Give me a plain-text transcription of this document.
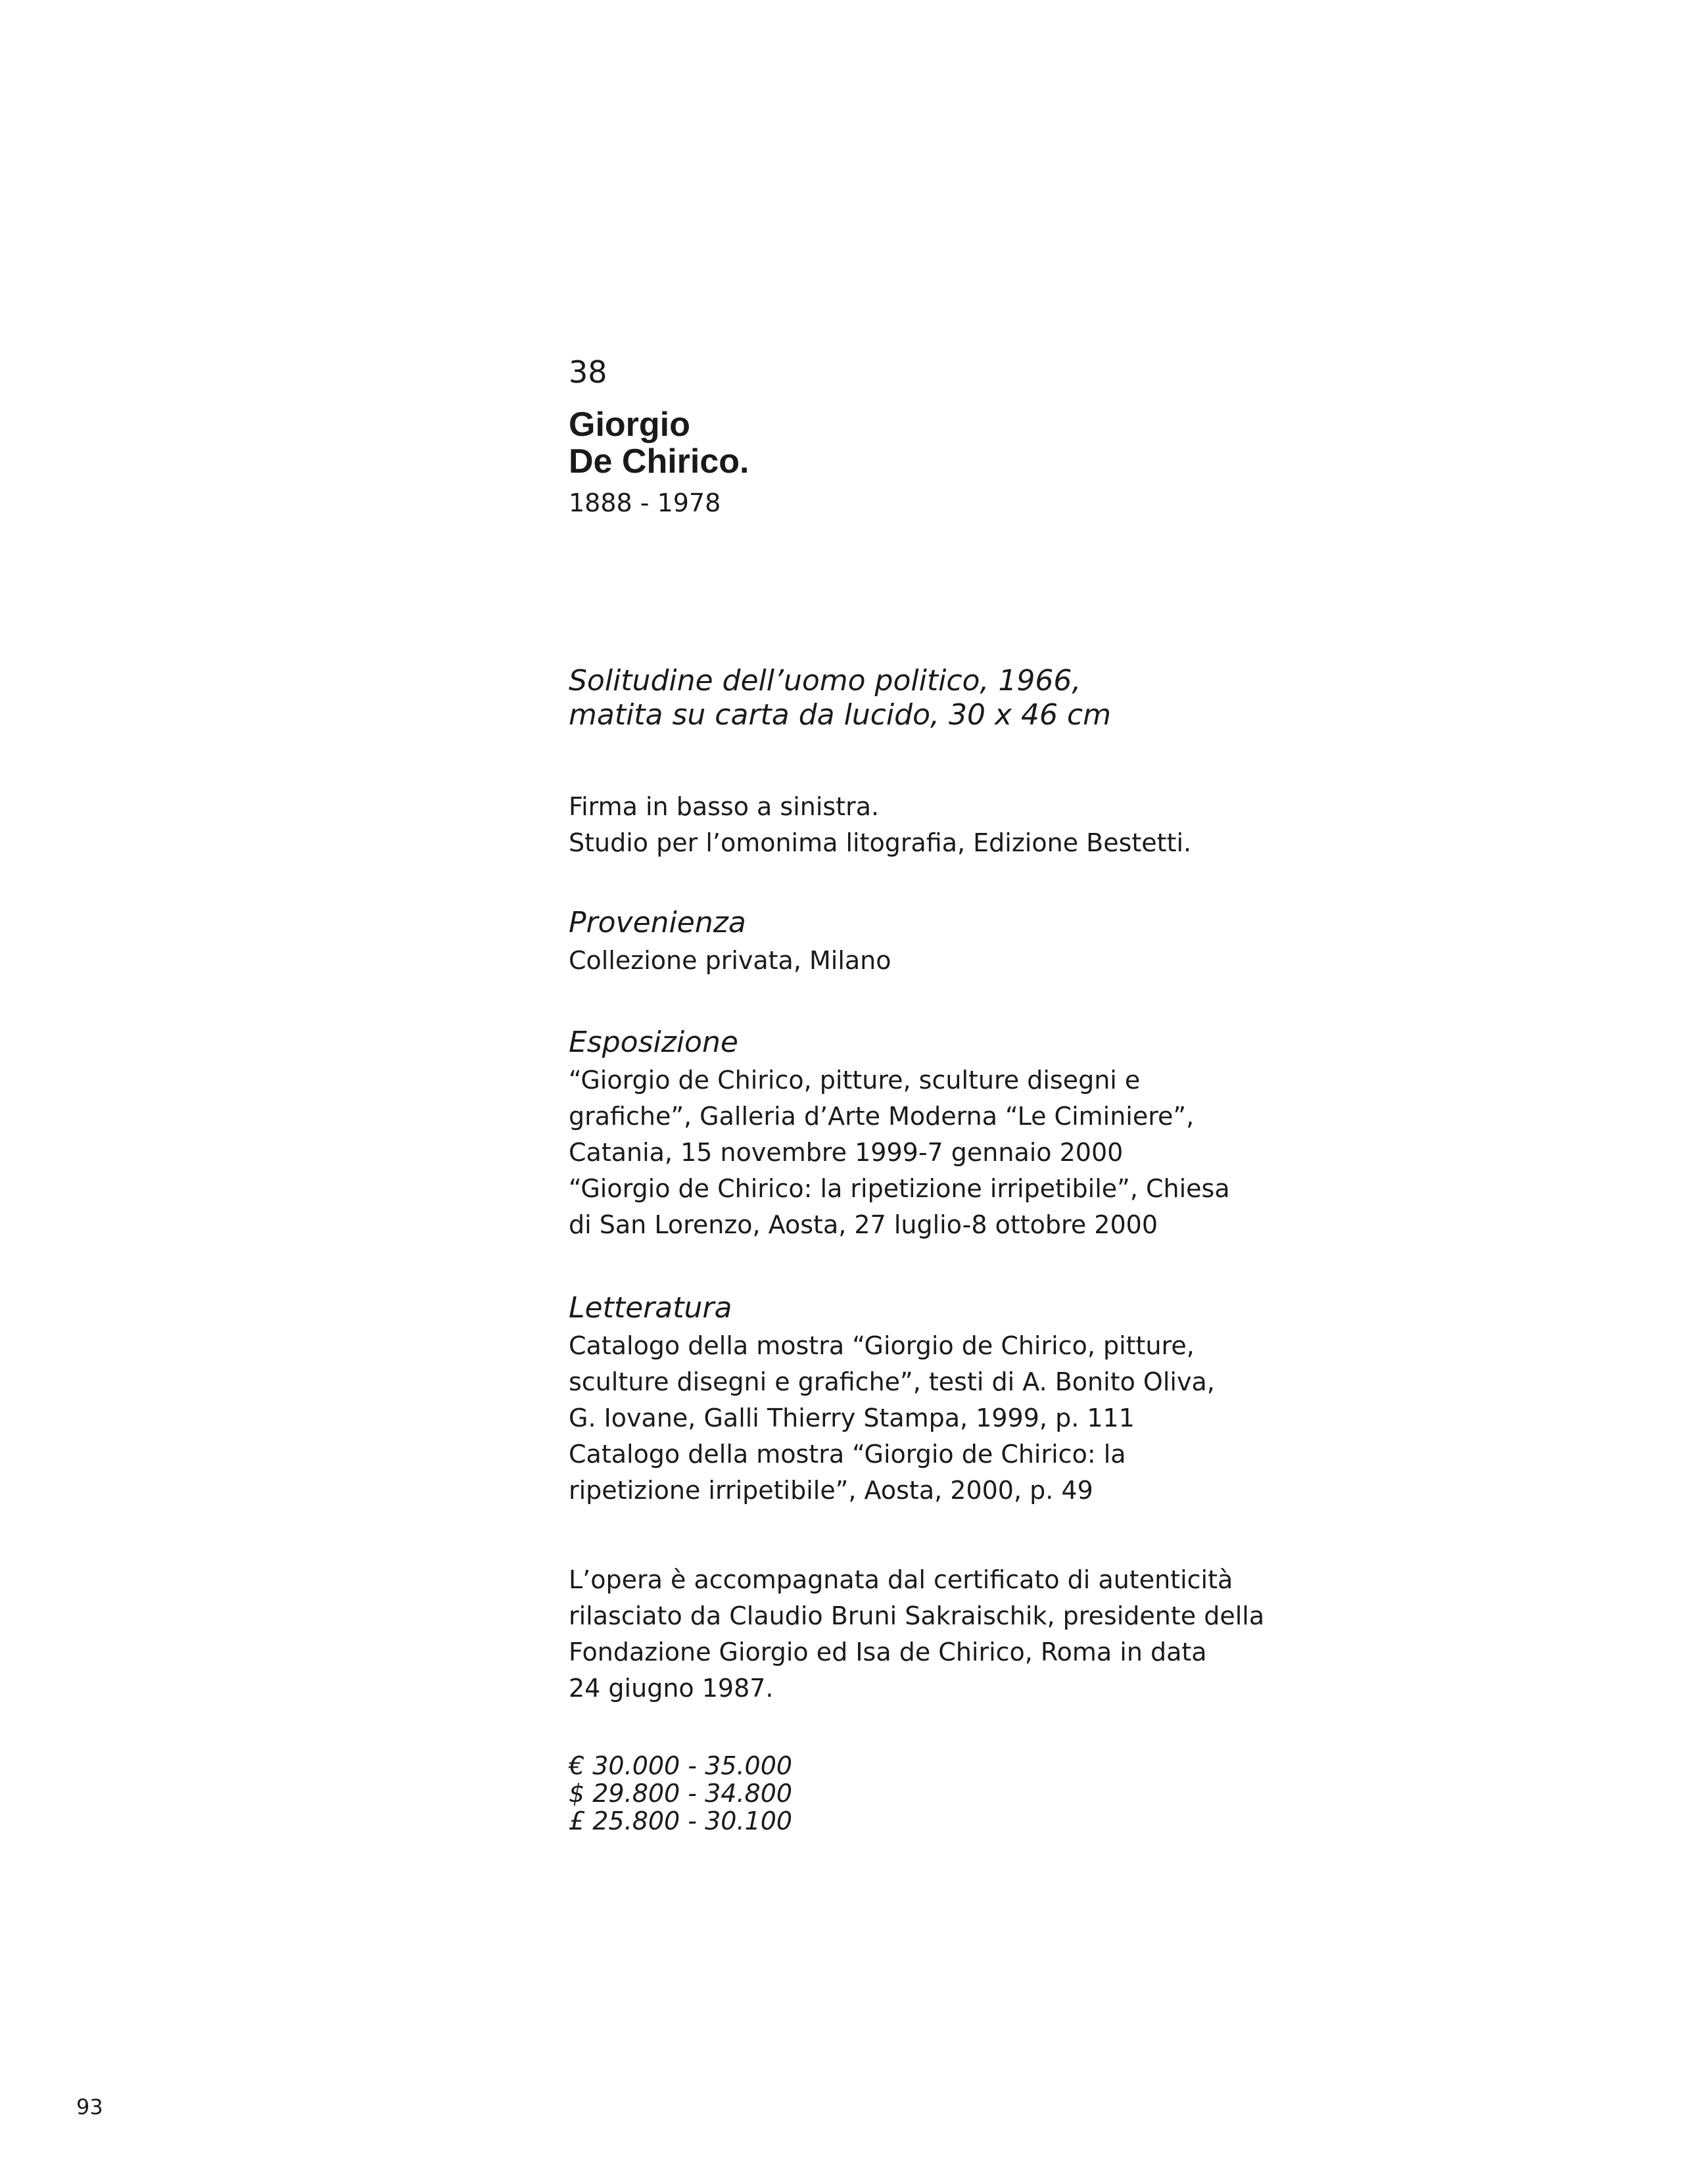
38
Giorgio
De Chirico.
1888 - 1978
Solitudine dell’uomo politico, 1966,
matita su carta da lucido, 30 x 46 cm
Firma in basso a sinistra.
Studio per l’omonima litografia, Edizione Bestetti.
Provenienza
Collezione privata, Milano
Esposizione
“Giorgio de Chirico, pitture, sculture disegni e
grafiche”, Galleria d’Arte Moderna “Le Ciminiere”,
Catania, 15 novembre 1999-7 gennaio 2000
“Giorgio de Chirico: la ripetizione irripetibile”, Chiesa
di San Lorenzo, Aosta, 27 luglio-8 ottobre 2000
Letteratura
Catalogo della mostra “Giorgio de Chirico, pitture,
sculture disegni e grafiche”, testi di A. Bonito Oliva,
G. Iovane, Galli Thierry Stampa, 1999, p. 111
Catalogo della mostra “Giorgio de Chirico: la
ripetizione irripetibile”, Aosta, 2000, p. 49
L’opera è accompagnata dal certificato di autenticità
rilasciato da Claudio Bruni Sakraischik, presidente della
Fondazione Giorgio ed Isa de Chirico, Roma in data
24 giugno 1987.
€ 30.000 - 35.000
$ 29.800 - 34.800
£ 25.800 - 30.100
93
